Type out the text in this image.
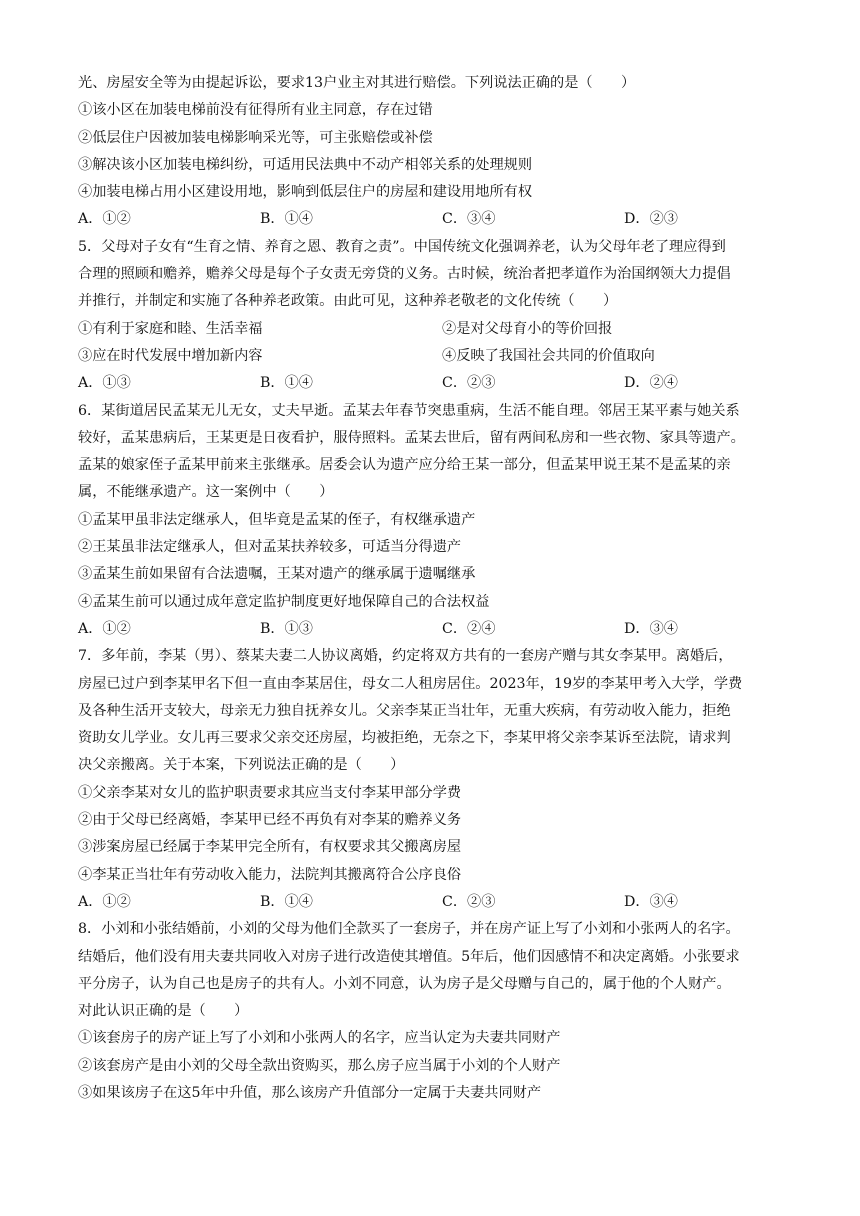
光、房屋安全等为由提起诉讼，要求13户业主对其进行赔偿。下列说法正确的是（　　）
①该小区在加装电梯前没有征得所有业主同意，存在过错
②低层住户因被加装电梯影响采光等，可主张赔偿或补偿
③解决该小区加装电梯纠纷，可适用民法典中不动产相邻关系的处理规则
④加装电梯占用小区建设用地，影响到低层住户的房屋和建设用地所有权
A．①②	B．①④	C．③④	D．②③
5．父母对子女有“生育之情、养育之恩、教育之责”。中国传统文化强调养老，认为父母年老了理应得到
合理的照顾和赡养，赡养父母是每个子女责无旁贷的义务。古时候，统治者把孝道作为治国纲领大力提倡
并推行，并制定和实施了各种养老政策。由此可见，这种养老敬老的文化传统（　　）
①有利于家庭和睦、生活幸福	②是对父母育小的等价回报
③应在时代发展中增加新内容	④反映了我国社会共同的价值取向
A．①③	B．①④	C．②③	D．②④
6．某街道居民孟某无儿无女，丈夫早逝。孟某去年春节突患重病，生活不能自理。邻居王某平素与她关系
较好，孟某患病后，王某更是日夜看护，服侍照料。孟某去世后，留有两间私房和一些衣物、家具等遗产。
孟某的娘家侄子孟某甲前来主张继承。居委会认为遗产应分给王某一部分，但孟某甲说王某不是孟某的亲
属，不能继承遗产。这一案例中（　　）
①孟某甲虽非法定继承人，但毕竟是孟某的侄子，有权继承遗产
②王某虽非法定继承人，但对孟某扶养较多，可适当分得遗产
③孟某生前如果留有合法遗嘱，王某对遗产的继承属于遗嘱继承
④孟某生前可以通过成年意定监护制度更好地保障自己的合法权益
A．①②	B．①③	C．②④	D．③④
7．多年前，李某（男）、蔡某夫妻二人协议离婚，约定将双方共有的一套房产赠与其女李某甲。离婚后，
房屋已过户到李某甲名下但一直由李某居住，母女二人租房居住。2023年，19岁的李某甲考入大学，学费
及各种生活开支较大，母亲无力独自抚养女儿。父亲李某正当壮年，无重大疾病，有劳动收入能力，拒绝
资助女儿学业。女儿再三要求父亲交还房屋，均被拒绝，无奈之下，李某甲将父亲李某诉至法院，请求判
决父亲搬离。关于本案，下列说法正确的是（　　）
①父亲李某对女儿的监护职责要求其应当支付李某甲部分学费
②由于父母已经离婚，李某甲已经不再负有对李某的赡养义务
③涉案房屋已经属于李某甲完全所有，有权要求其父搬离房屋
④李某正当壮年有劳动收入能力，法院判其搬离符合公序良俗
A．①②	B．①④	C．②③	D．③④
8．小刘和小张结婚前，小刘的父母为他们全款买了一套房子，并在房产证上写了小刘和小张两人的名字。
结婚后，他们没有用夫妻共同收入对房子进行改造使其增值。5年后，他们因感情不和决定离婚。小张要求
平分房子，认为自己也是房子的共有人。小刘不同意，认为房子是父母赠与自己的，属于他的个人财产。
对此认识正确的是（　　）
①该套房子的房产证上写了小刘和小张两人的名字，应当认定为夫妻共同财产
②该套房产是由小刘的父母全款出资购买，那么房子应当属于小刘的个人财产
③如果该房子在这5年中升值，那么该房产升值部分一定属于夫妻共同财产
